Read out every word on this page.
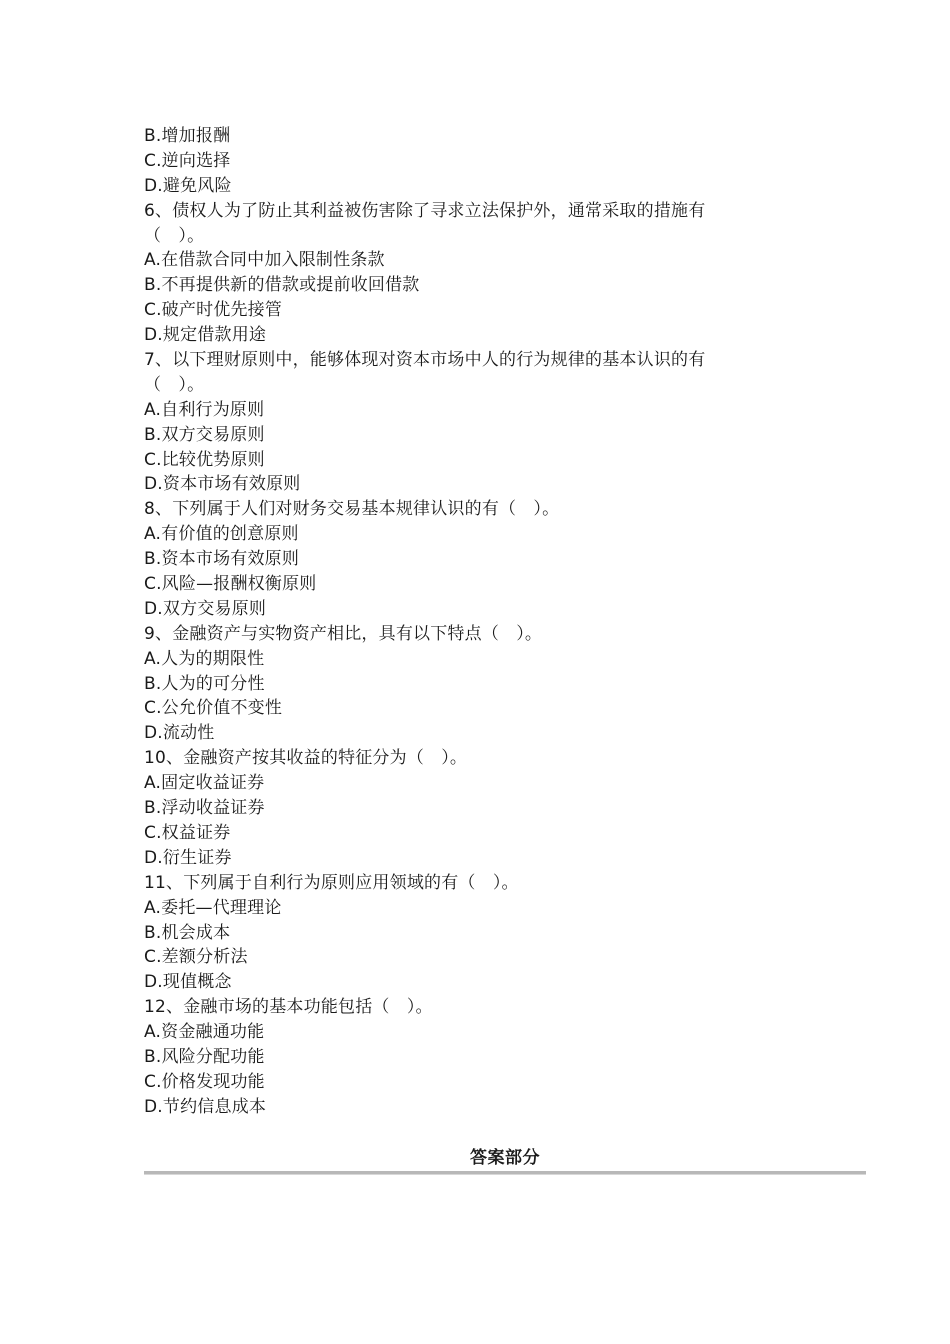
B.增加报酬
C.逆向选择
D.避免风险
6、债权人为了防止其利益被伤害除了寻求立法保护外，通常采取的措施有
（　）。
A.在借款合同中加入限制性条款
B.不再提供新的借款或提前收回借款
C.破产时优先接管
D.规定借款用途
7、以下理财原则中，能够体现对资本市场中人的行为规律的基本认识的有
（　）。
A.自利行为原则
B.双方交易原则
C.比较优势原则
D.资本市场有效原则
8、下列属于人们对财务交易基本规律认识的有（　）。
A.有价值的创意原则
B.资本市场有效原则
C.风险—报酬权衡原则
D.双方交易原则
9、金融资产与实物资产相比，具有以下特点（　）。
A.人为的期限性
B.人为的可分性
C.公允价值不变性
D.流动性
10、金融资产按其收益的特征分为（　）。
A.固定收益证券
B.浮动收益证券
C.权益证券
D.衍生证券
11、下列属于自利行为原则应用领域的有（　）。
A.委托—代理理论
B.机会成本
C.差额分析法
D.现值概念
12、金融市场的基本功能包括（　）。
A.资金融通功能
B.风险分配功能
C.价格发现功能
D.节约信息成本
答案部分
